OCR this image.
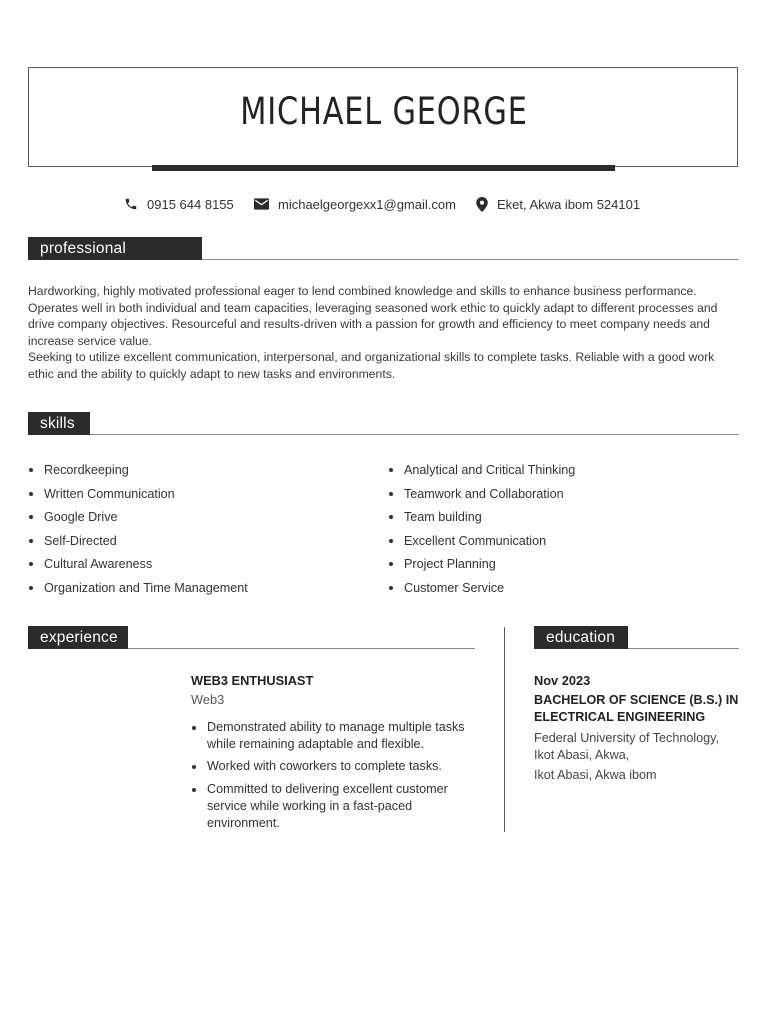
MICHAEL GEORGE
0915 644 8155	michaelgeorgexx1@gmail.com	Eket, Akwa ibom 524101
professional summary

Hardworking, highly motivated professional eager to lend combined knowledge and skills to enhance business performance. Operates well in both individual and team capacities, leveraging seasoned work ethic to quickly adapt to different processes and drive company objectives. Resourceful and results-driven with a passion for growth and efficiency to meet company needs and increase service value.

Seeking to utilize excellent communication, interpersonal, and organizational skills to complete tasks. Reliable with a good work ethic and the ability to quickly adapt to new tasks and environments.

skills
Recordkeeping
Written Communication
Google Drive
Self-Directed
Cultural Awareness
Organization and Time Management
Analytical and Critical Thinking
Teamwork and Collaboration
Team building
Excellent Communication
Project Planning
Customer Service
experience
WEB3 ENTHUSIAST
Web3
Demonstrated ability to manage multiple tasks while remaining adaptable and flexible.
Worked with coworkers to complete tasks.
Committed to delivering excellent customer service while working in a fast-paced environment.
education
Nov 2023
BACHELOR OF SCIENCE (B.S.) IN ELECTRICAL ENGINEERING
Federal University of Technology, Ikot Abasi, Akwa,
Ikot Abasi, Akwa ibom
